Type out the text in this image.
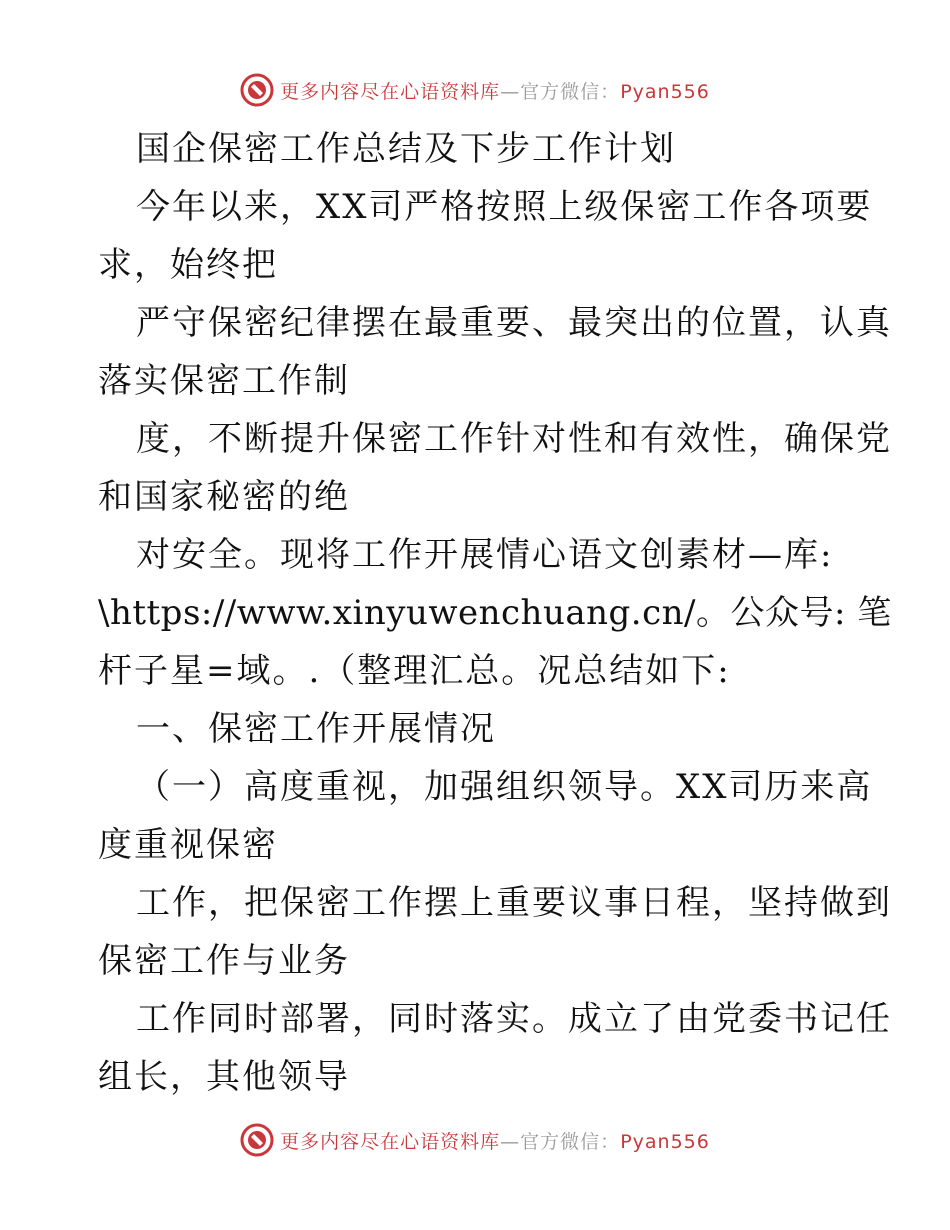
更多内容尽在心语资料库—官方微信：Pyan556
国企保密工作总结及下步工作计划
今年以来，XX司严格按照上级保密工作各项要
求，始终把
严守保密纪律摆在最重要、最突出的位置，认真
落实保密工作制
度，不断提升保密工作针对性和有效性，确保党
和国家秘密的绝
对安全。现将工作开展情心语文创素材—库:
\https://www.xinyuwenchuang.cn/。公众号: 笔
杆子星=域。.（整理汇总。况总结如下:
一、保密工作开展情况
（一）高度重视，加强组织领导。XX司历来高
度重视保密
工作，把保密工作摆上重要议事日程，坚持做到
保密工作与业务
工作同时部署，同时落实。成立了由党委书记任
组长，其他领导
更多内容尽在心语资料库—官方微信：Pyan556
